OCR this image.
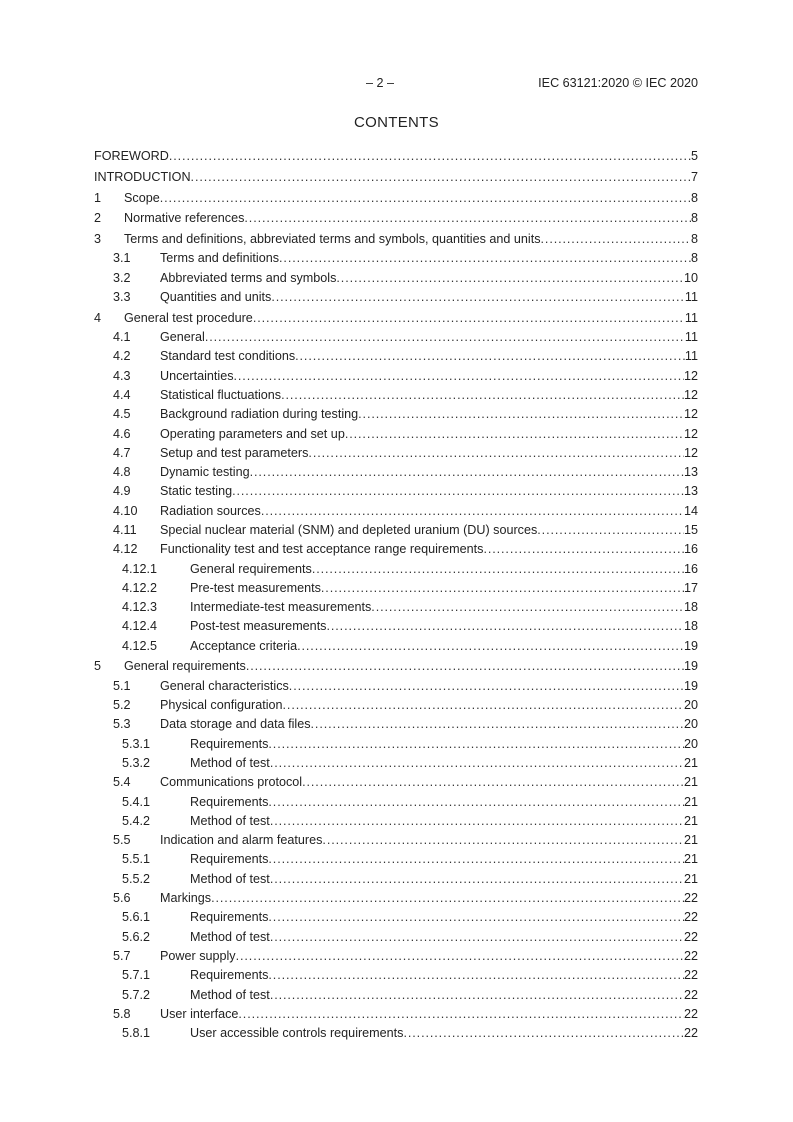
– 2 –	IEC 63121:2020 © IEC 2020
CONTENTS
FOREWORD .....	5
INTRODUCTION .....	7
1	Scope .....	8
2	Normative references .....	8
3	Terms and definitions, abbreviated terms and symbols, quantities and units .....	8
3.1	Terms and definitions .....	8
3.2	Abbreviated terms and symbols .....	10
3.3	Quantities and units .....	11
4	General test procedure .....	11
4.1	General .....	11
4.2	Standard test conditions .....	11
4.3	Uncertainties .....	12
4.4	Statistical fluctuations .....	12
4.5	Background radiation during testing .....	12
4.6	Operating parameters and set up .....	12
4.7	Setup and test parameters .....	12
4.8	Dynamic testing .....	13
4.9	Static testing .....	13
4.10	Radiation sources .....	14
4.11	Special nuclear material (SNM) and depleted uranium (DU) sources .....	15
4.12	Functionality test and test acceptance range requirements .....	16
4.12.1	General requirements .....	16
4.12.2	Pre-test measurements .....	17
4.12.3	Intermediate-test measurements .....	18
4.12.4	Post-test measurements .....	18
4.12.5	Acceptance criteria .....	19
5	General requirements .....	19
5.1	General characteristics .....	19
5.2	Physical configuration .....	20
5.3	Data storage and data files .....	20
5.3.1	Requirements .....	20
5.3.2	Method of test .....	21
5.4	Communications protocol .....	21
5.4.1	Requirements .....	21
5.4.2	Method of test .....	21
5.5	Indication and alarm features .....	21
5.5.1	Requirements .....	21
5.5.2	Method of test .....	21
5.6	Markings .....	22
5.6.1	Requirements .....	22
5.6.2	Method of test .....	22
5.7	Power supply .....	22
5.7.1	Requirements .....	22
5.7.2	Method of test .....	22
5.8	User interface .....	22
5.8.1	User accessible controls requirements .....	22
